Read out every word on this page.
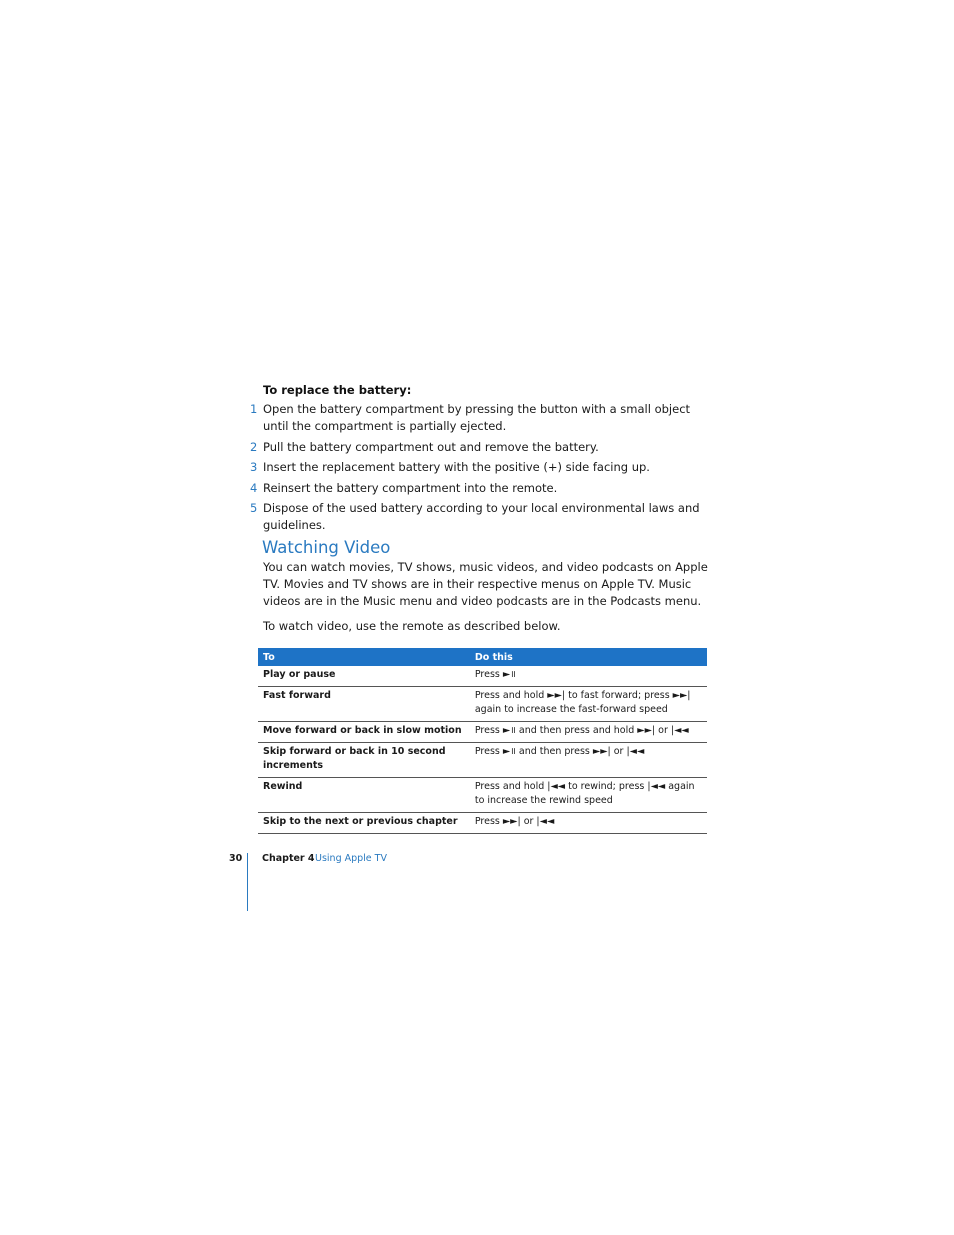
To replace the battery:
1 Open the battery compartment by pressing the button with a small object until the compartment is partially ejected.
2 Pull the battery compartment out and remove the battery.
3 Insert the replacement battery with the positive (+) side facing up.
4 Reinsert the battery compartment into the remote.
5 Dispose of the used battery according to your local environmental laws and guidelines.
Watching Video

You can watch movies, TV shows, music videos, and video podcasts on Apple TV. Movies and TV shows are in their respective menus on Apple TV. Music videos are in the Music menu and video podcasts are in the Podcasts menu.

To watch video, use the remote as described below.

To	Do this
Play or pause	Press ►॥
Fast forward	Press and hold ►►| to fast forward; press ►►| again to increase the fast-forward speed
Move forward or back in slow motion	Press ►॥ and then press and hold ►►| or |◄◄
Skip forward or back in 10 second increments	Press ►॥ and then press ►►| or |◄◄
Rewind	Press and hold |◄◄ to rewind; press |◄◄ again to increase the rewind speed
Skip to the next or previous chapter	Press ►►| or |◄◄
30 Chapter 4 Using Apple TV
